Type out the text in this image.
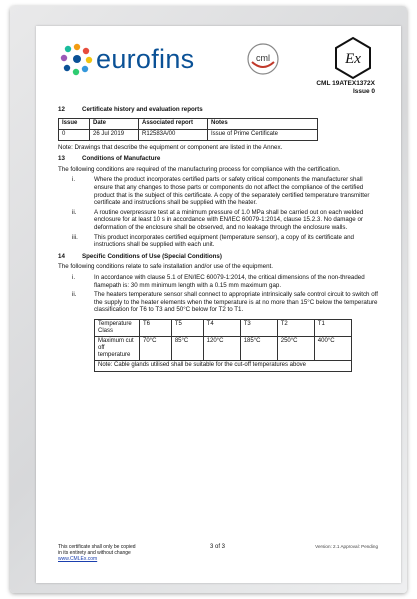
eurofins	cml	Ex
CML 19ATEX1372X
Issue 0
12	Certificate history and evaluation reports
Issue	Date	Associated report	Notes
0	26 Jul 2019	R12583A/00	Issue of Prime Certificate

Note: Drawings that describe the equipment or component are listed in the Annex.

13	Conditions of Manufacture

The following conditions are required of the manufacturing process for compliance with the certification.

i.	Where the product incorporates certified parts or safety critical components the manufacturer shall ensure that any changes to those parts or components do not affect the compliance of the certified product that is the subject of this certificate. A copy of the separately certified temperature transmitter certificate and instructions shall be supplied with the heater.
ii.	A routine overpressure test at a minimum pressure of 1.0 MPa shall be carried out on each welded enclosure for at least 10 s in accordance with EN/IEC 60079-1:2014, clause 15.2.3. No damage or deformation of the enclosure shall be observed, and no leakage through the enclosure walls.
iii.	This product incorporates certified equipment (temperature sensor), a copy of its certificate and instructions shall be supplied with each unit.
14	Specific Conditions of Use (Special Conditions)

The following conditions relate to safe installation and/or use of the equipment.

i.	In accordance with clause 5.1 of EN/IEC 60079-1:2014, the critical dimensions of the non-threaded flamepath is: 30 mm minimum length with a 0.15 mm maximum gap.
ii.	The heaters temperature sensor shall connect to appropriate intrinsically safe control circuit to switch off the supply to the heater elements when the temperature is at no more than 15°C below the temperature classification for T6 to T3 and 50°C below for T2 to T1.
Temperature Class	T6	T5	T4	T3	T2	T1
Maximum cut off temperature	70°C	85°C	120°C	185°C	250°C	400°C
Note: Cable glands utilised shall be suitable for the cut-off temperatures above						
This certificate shall only be copied
in its entirety and without change
www.CMLEx.com
3 of 3	Version: 2.1 Approval: Pending
